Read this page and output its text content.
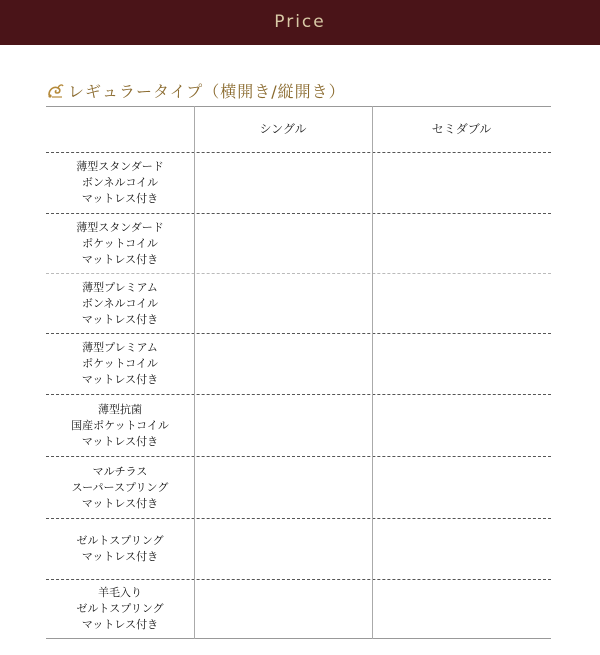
Price
レギュラータイプ（横開き/縦開き）
シングル	セミダブル
薄型スタンダード
ボンネルコイル
マットレス付き
薄型スタンダード
ポケットコイル
マットレス付き
薄型プレミアム
ボンネルコイル
マットレス付き
薄型プレミアム
ポケットコイル
マットレス付き
薄型抗菌
国産ポケットコイル
マットレス付き
マルチラス
スーパースプリング
マットレス付き
ゼルトスプリング
マットレス付き
羊毛入り
ゼルトスプリング
マットレス付き
